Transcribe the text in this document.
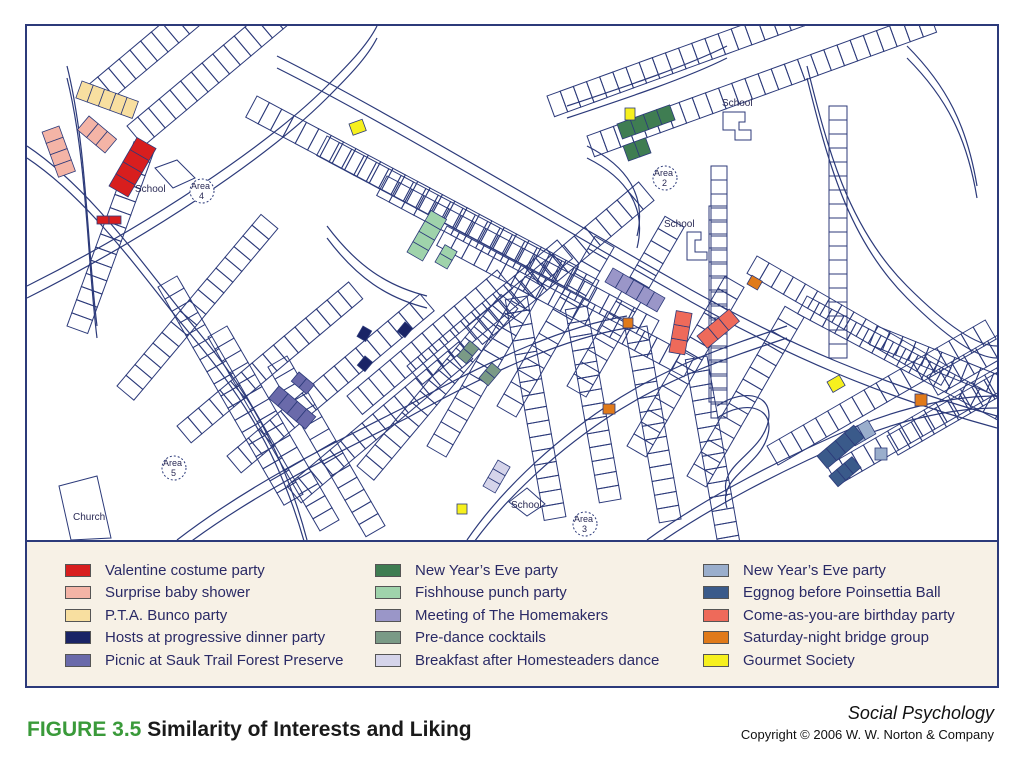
School	Area
4
School
Area
2
School
School
Area
3
Area
5
Church
Valentine costume party
Surprise baby shower
P.T.A. Bunco party
Hosts at progressive dinner party
Picnic at Sauk Trail Forest Preserve
New Year’s Eve party
Fishhouse punch party
Meeting of The Homemakers
Pre-dance cocktails
Breakfast after Homesteaders dance
New Year’s Eve party
Eggnog before Poinsettia Ball
Come-as-you-are birthday party
Saturday-night bridge group
Gourmet Society
FIGURE 3.5 Similarity of Interests and Liking
Social Psychology
Copyright © 2006 W. W. Norton & Company
